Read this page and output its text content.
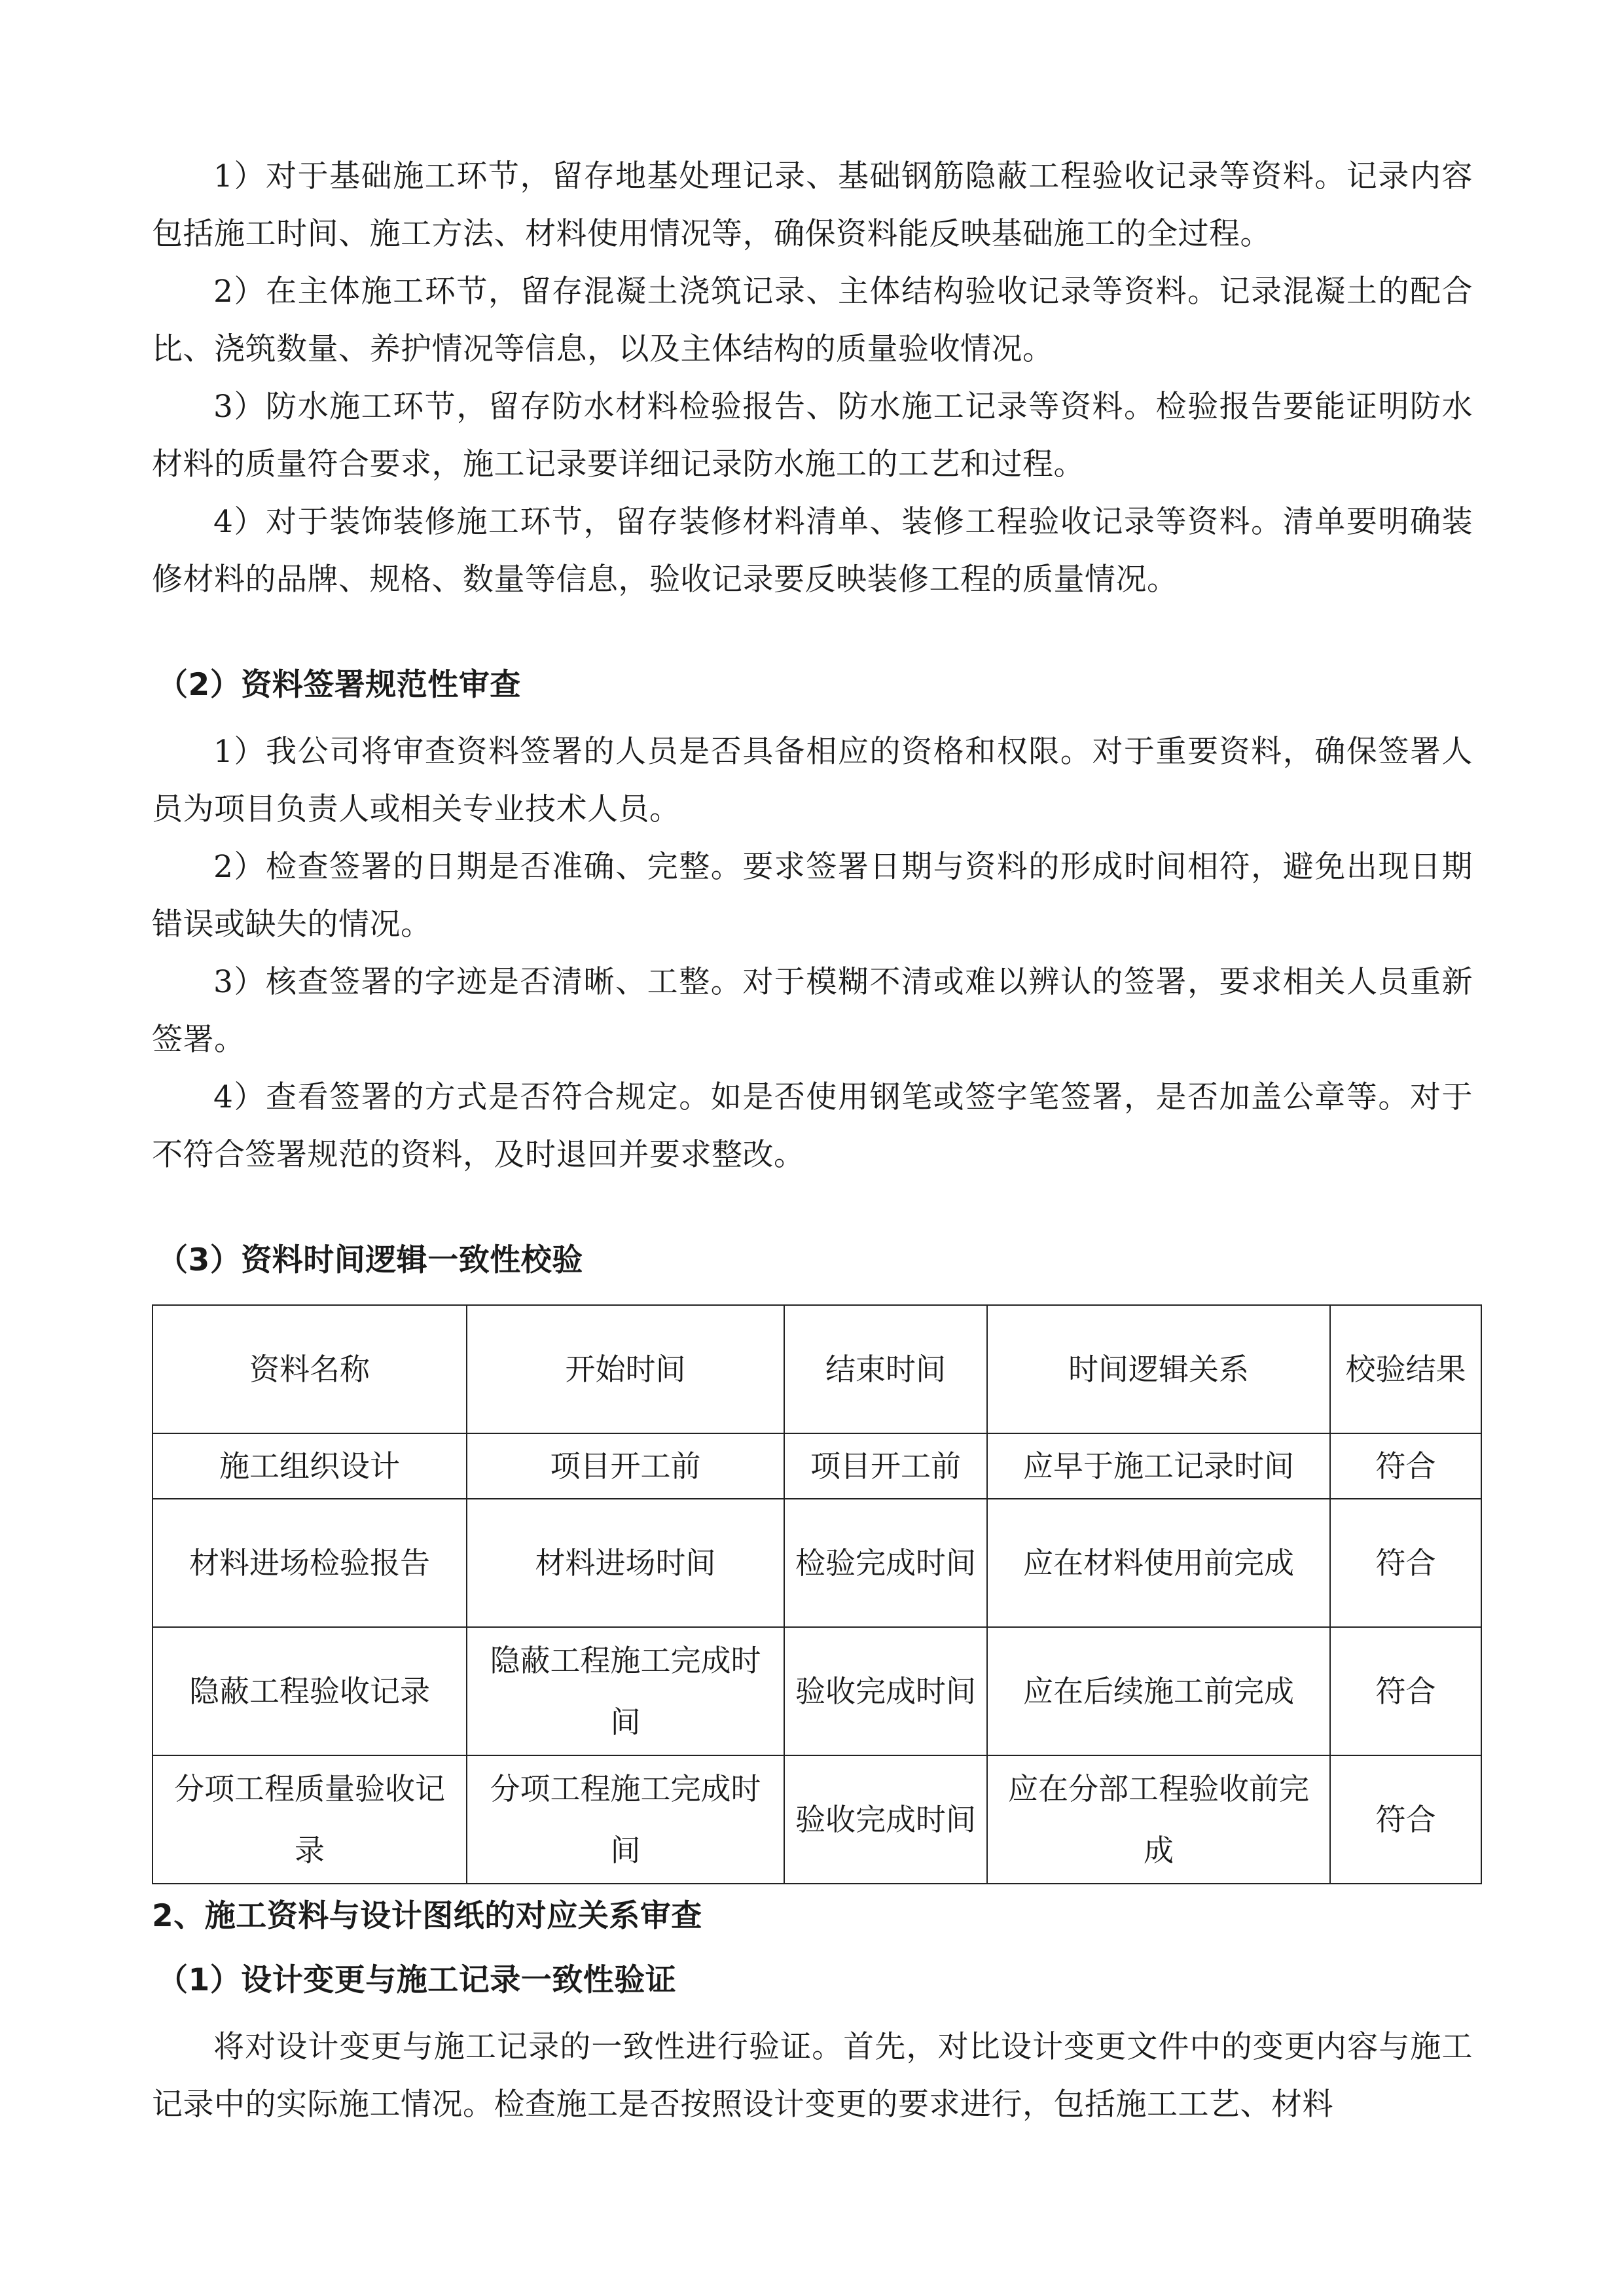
1）对于基础施工环节，留存地基处理记录、基础钢筋隐蔽工程验收记录等资料。记录内容包括施工时间、施工方法、材料使用情况等，确保资料能反映基础施工的全过程。

2）在主体施工环节，留存混凝土浇筑记录、主体结构验收记录等资料。记录混凝土的配合比、浇筑数量、养护情况等信息，以及主体结构的质量验收情况。

3）防水施工环节，留存防水材料检验报告、防水施工记录等资料。检验报告要能证明防水材料的质量符合要求，施工记录要详细记录防水施工的工艺和过程。

4）对于装饰装修施工环节，留存装修材料清单、装修工程验收记录等资料。清单要明确装修材料的品牌、规格、数量等信息，验收记录要反映装修工程的质量情况。

（2）资料签署规范性审查

1）我公司将审查资料签署的人员是否具备相应的资格和权限。对于重要资料，确保签署人员为项目负责人或相关专业技术人员。

2）检查签署的日期是否准确、完整。要求签署日期与资料的形成时间相符，避免出现日期错误或缺失的情况。

3）核查签署的字迹是否清晰、工整。对于模糊不清或难以辨认的签署，要求相关人员重新签署。

4）查看签署的方式是否符合规定。如是否使用钢笔或签字笔签署，是否加盖公章等。对于不符合签署规范的资料，及时退回并要求整改。

（3）资料时间逻辑一致性校验
资料名称	开始时间	结束时间	时间逻辑关系	校验结果
施工组织设计	项目开工前	项目开工前	应早于施工记录时间	符合
材料进场检验报告	材料进场时间	检验完成时间	应在材料使用前完成	符合
隐蔽工程验收记录	隐蔽工程施工完成时间	验收完成时间	应在后续施工前完成	符合
分项工程质量验收记录	分项工程施工完成时间	验收完成时间	应在分部工程验收前完成	符合
2、施工资料与设计图纸的对应关系审查
（1）设计变更与施工记录一致性验证

将对设计变更与施工记录的一致性进行验证。首先，对比设计变更文件中的变更内容与施工记录中的实际施工情况。检查施工是否按照设计变更的要求进行，包括施工工艺、材料
